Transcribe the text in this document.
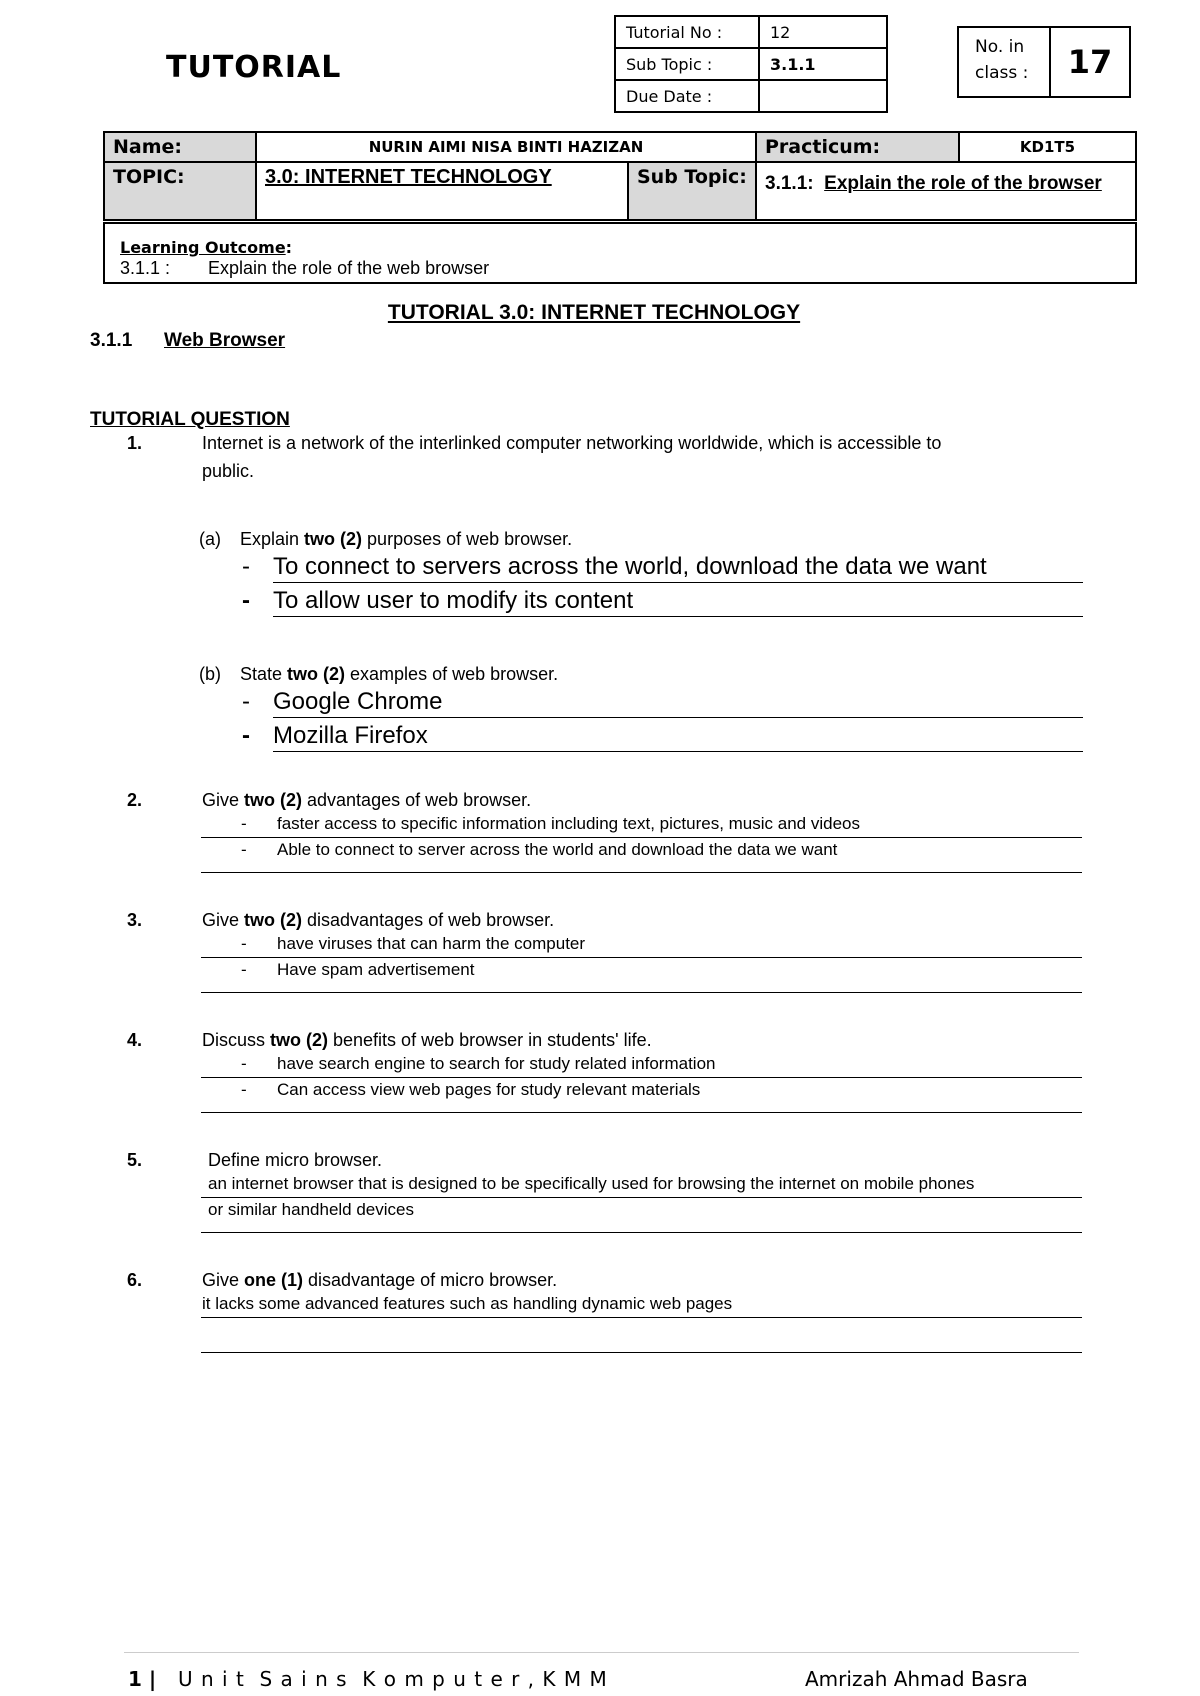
TUTORIAL
Tutorial No :	12
Sub Topic :	3.1.1
Due Date :	
No. in
class :	17
Name:	NURIN AIMI NISA BINTI HAZIZAN		Practicum:	KD1T5
TOPIC:	3.0: INTERNET TECHNOLOGY	Sub Topic:	3.1.1: Explain the role of the browser	
Learning Outcome:
3.1.1 : Explain the role of the web browser
TUTORIAL 3.0: INTERNET TECHNOLOGY
3.1.1 Web Browser
TUTORIAL QUESTION
1.	Internet is a network of the interlinked computer networking worldwide, which is accessible to
public.
(a) Explain two (2) purposes of web browser.
- To connect to servers across the world, download the data we want
- To allow user to modify its content
(b) State two (2) examples of web browser.
- Google Chrome
- Mozilla Firefox
2.	Give two (2) advantages of web browser.
- faster access to specific information including text, pictures, music and videos
- Able to connect to server across the world and download the data we want
3.	Give two (2) disadvantages of web browser.
- have viruses that can harm the computer
- Have spam advertisement
4.	Discuss two (2) benefits of web browser in students' life.
- have search engine to search for study related information
- Can access view web pages for study relevant materials
5.	Define micro browser.
an internet browser that is designed to be specifically used for browsing the internet on mobile phones
or similar handheld devices
6.	Give one (1) disadvantage of micro browser.
it lacks some advanced features such as handling dynamic web pages
1 | U n i t  S a i n s  K o m p u t e r , K M M	Amrizah Ahmad Basra
